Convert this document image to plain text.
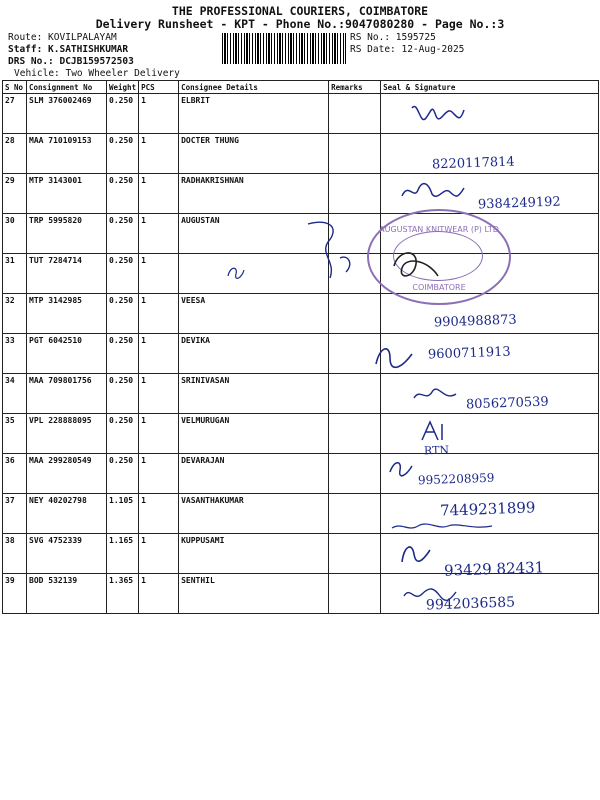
THE PROFESSIONAL COURIERS, COIMBATORE
Delivery Runsheet - KPT - Phone No.:9047080280 - Page No.:3
Route: KOVILPALAYAM
Staff: K.SATHISHKUMAR
DRS No.: DCJB15957250З
Vehicle: Two Wheeler Delivery
RS No.: 1595725
RS Date: 12-Aug-2025
S No	Consignment No	Weight	PCS	Consignee Details	Remarks	Seal & Signature
27	SLM 376002469	0.250	1	ELBRIT		
28	MAA 710109153	0.250	1	DOCTER THUNG		
29	MTP 3143001	0.250	1	RADHAKRISHNAN		
30	TRP 5995820	0.250	1	AUGUSTAN		
31	TUT 7284714	0.250	1			
32	MTP 3142985	0.250	1	VEESA		
33	PGT 6042510	0.250	1	DEVIKA		
34	MAA 709801756	0.250	1	SRINIVASAN		
35	VPL 228888095	0.250	1	VELMURUGAN		
36	MAA 299280549	0.250	1	DEVARAJAN		
37	NEY 40202798	1.105	1	VASANTHAKUMAR		
38	SVG 4752339	1.165	1	KUPPUSAMI		
39	BOD 532139	1.365	1	SENTHIL		
AUGUSTAN KNITWEAR (P) LTD
COIMBATORE
8220117814
9384249192
9904988873
9600711913
8056270539
RTN
9952208959
7449231899
93429 82431
9942036585
